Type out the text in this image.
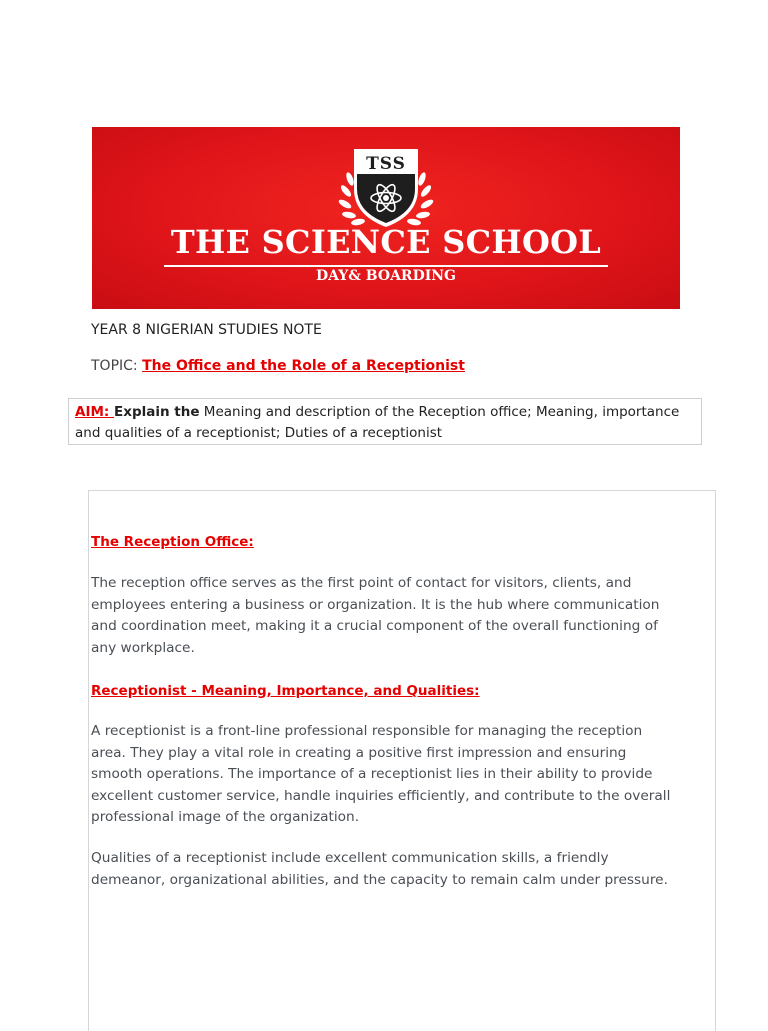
TSS
THE SCIENCE SCHOOL
DAY& BOARDING
YEAR 8 NIGERIAN STUDIES NOTE
TOPIC: The Office and the Role of a Receptionist
AIM: Explain the Meaning and description of the Reception office; Meaning, importance and qualities of a receptionist; Duties of a receptionist
The Reception Office:

The reception office serves as the first point of contact for visitors, clients, and employees entering a business or organization. It is the hub where communication and coordination meet, making it a crucial component of the overall functioning of any workplace.

Receptionist - Meaning, Importance, and Qualities:

A receptionist is a front-line professional responsible for managing the reception area. They play a vital role in creating a positive first impression and ensuring smooth operations. The importance of a receptionist lies in their ability to provide excellent customer service, handle inquiries efficiently, and contribute to the overall professional image of the organization.

Qualities of a receptionist include excellent communication skills, a friendly demeanor, organizational abilities, and the capacity to remain calm under pressure.
